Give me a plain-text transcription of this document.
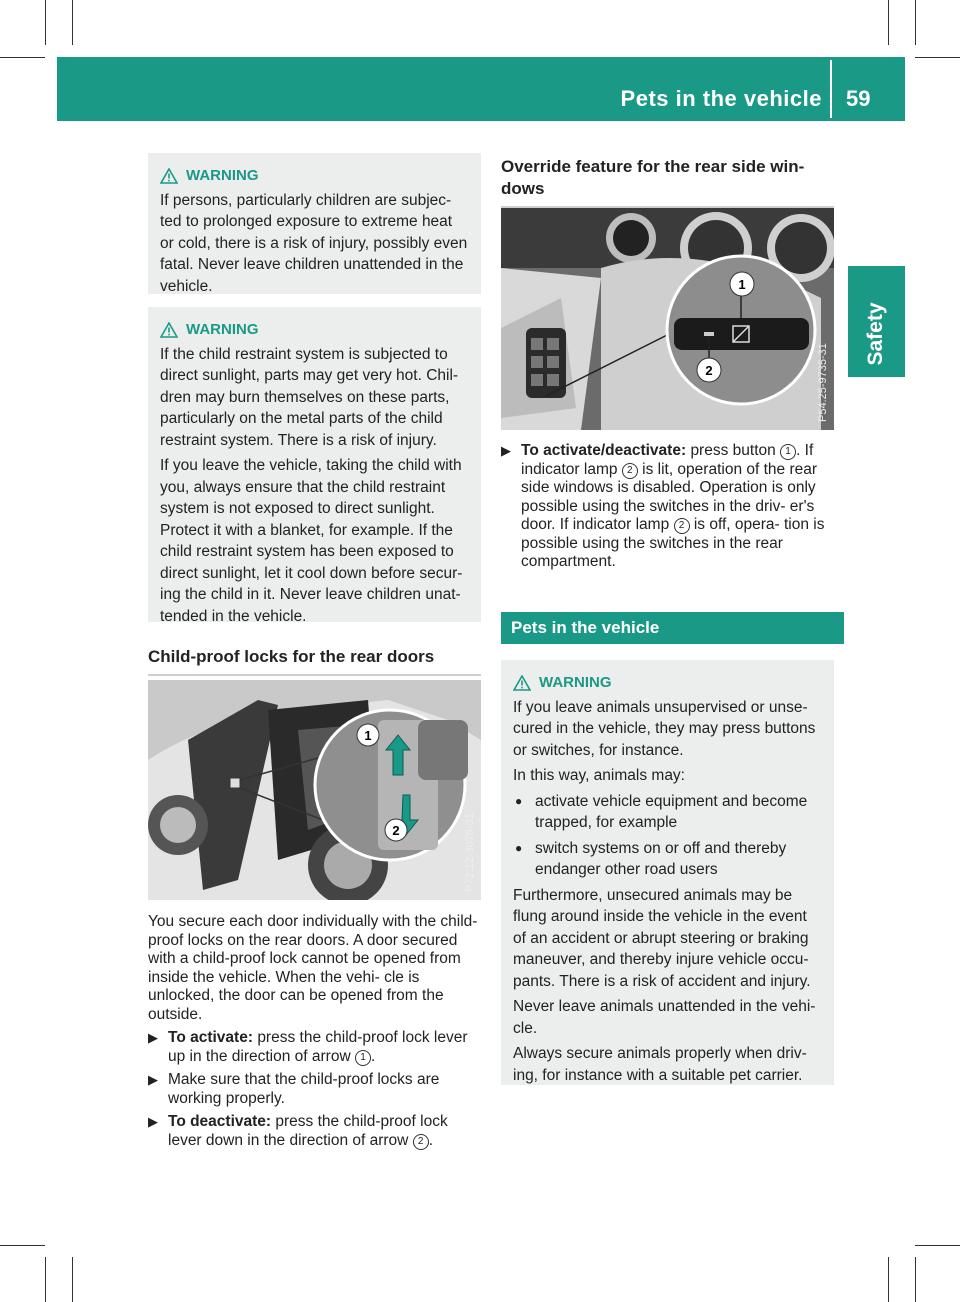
Pets in the vehicle 59
Safety
WARNING

If persons, particularly children are subjec- ted to prolonged exposure to extreme heat or cold, there is a risk of injury, possibly even fatal. Never leave children unattended in the vehicle.

WARNING

If the child restraint system is subjected to direct sunlight, parts may get very hot. Chil- dren may burn themselves on these parts, particularly on the metal parts of the child restraint system. There is a risk of injury.

If you leave the vehicle, taking the child with you, always ensure that the child restraint system is not exposed to direct sunlight. Protect it with a blanket, for example. If the child restraint system has been exposed to direct sunlight, let it cool down before secur- ing the child in it. Never leave children unat- tended in the vehicle.

Child-proof locks for the rear doors
1
2	P72.12-3075-31

You secure each door individually with the child-proof locks on the rear doors. A door secured with a child-proof lock cannot be opened from inside the vehicle. When the vehi- cle is unlocked, the door can be opened from the outside.

▶ To activate: press the child-proof lock lever up in the direction of arrow 1 .
▶ Make sure that the child-proof locks are working properly.
▶ To deactivate: press the child-proof lock lever down in the direction of arrow 2 .
Override feature for the rear side win- dows
1
2	P54.25-9735-31
▶ To activate/deactivate: press button 1 . If indicator lamp 2 is lit, operation of the rear side windows is disabled. Operation is only possible using the switches in the driv- er's door. If indicator lamp 2 is off, opera- tion is possible using the switches in the rear compartment.
Pets in the vehicle
WARNING

If you leave animals unsupervised or unse- cured in the vehicle, they may press buttons or switches, for instance.

In this way, animals may:

● activate vehicle equipment and become trapped, for example
● switch systems on or off and thereby endanger other road users

Furthermore, unsecured animals may be flung around inside the vehicle in the event of an accident or abrupt steering or braking maneuver, and thereby injure vehicle occu- pants. There is a risk of accident and injury.

Never leave animals unattended in the vehi- cle.

Always secure animals properly when driv- ing, for instance with a suitable pet carrier.
